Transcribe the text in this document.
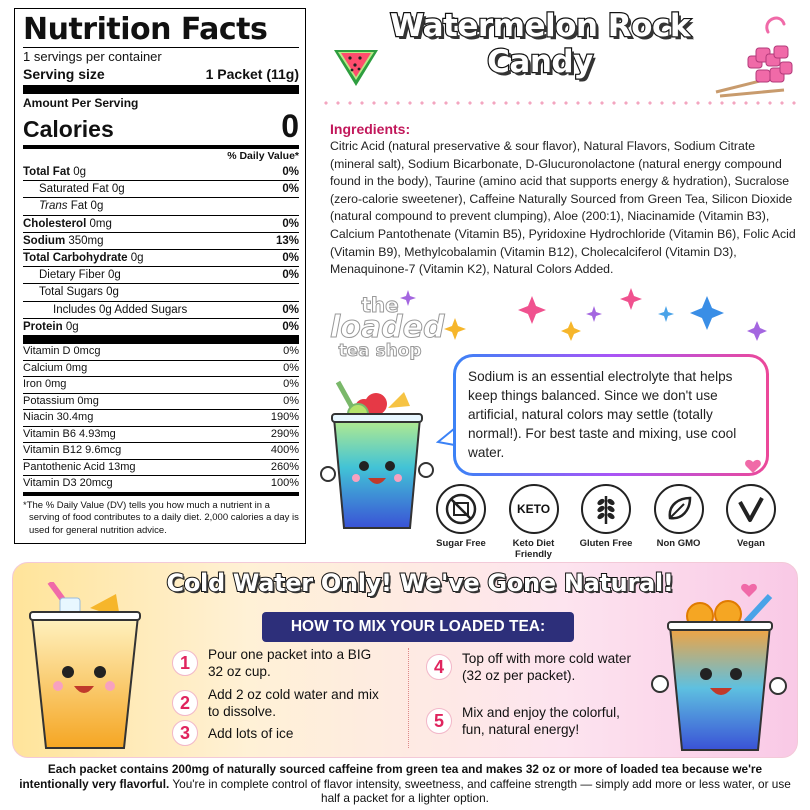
Nutrition Facts
1 servings per container
Serving size	1 Packet (11g)
Amount Per Serving
Calories	0
% Daily Value*
Total Fat 0g	0%
Saturated Fat 0g	0%
Trans Fat 0g
Cholesterol 0mg	0%
Sodium 350mg	13%
Total Carbohydrate 0g	0%
Dietary Fiber 0g	0%
Total Sugars 0g
Includes 0g Added Sugars	0%
Protein 0g	0%
Vitamin D 0mcg	0%
Calcium 0mg	0%
Iron 0mg	0%
Potassium 0mg	0%
Niacin 30.4mg	190%
Vitamin B6 4.93mg	290%
Vitamin B12 9.6mcg	400%
Pantothenic Acid 13mg	260%
Vitamin D3 20mcg	100%
*The % Daily Value (DV) tells you how much a nutrient in a serving of food contributes to a daily diet. 2,000 calories a day is used for general nutrition advice.
Watermelon Rock
Candy
Ingredients:
Citric Acid (natural preservative & sour flavor), Natural Flavors, Sodium Citrate (mineral salt), Sodium Bicarbonate, D-Glucuronolactone (natural energy compound found in the body), Taurine (amino acid that supports energy & hydration), Sucralose (zero-calorie sweetener), Caffeine Naturally Sourced from Green Tea, Silicon Dioxide (natural compound to prevent clumping), Aloe (200:1), Niacinamide (Vitamin B3), Calcium Pantothenate (Vitamin B5), Pyridoxine Hydrochloride (Vitamin B6), Folic Acid (Vitamin B9), Methylcobalamin (Vitamin B12), Cholecalciferol (Vitamin D3), Menaquinone-7 (Vitamin K2), Natural Colors Added.
the
loaded
tea shop
Sodium is an essential electrolyte that helps keep things balanced. Since we don't use artificial, natural colors may settle (totally normal!). For best taste and mixing, use cool water.
Sugar Free
KETO
Keto Diet Friendly
Gluten Free	Non GMO	Vegan
Cold Water Only! We've Gone Natural!
HOW TO MIX YOUR LOADED TEA:
1	Pour one packet into a BIG 32 oz cup.
2	Add 2 oz cold water and mix to dissolve.
3	Add lots of ice
4	Top off with more cold water (32 oz per packet).
5	Mix and enjoy the colorful, fun, natural energy!
Each packet contains 200mg of naturally sourced caffeine from green tea and makes 32 oz or more of loaded tea because we're intentionally very flavorful. You're in complete control of flavor intensity, sweetness, and caffeine strength — simply add more or less water, or use half a packet for a lighter option.
